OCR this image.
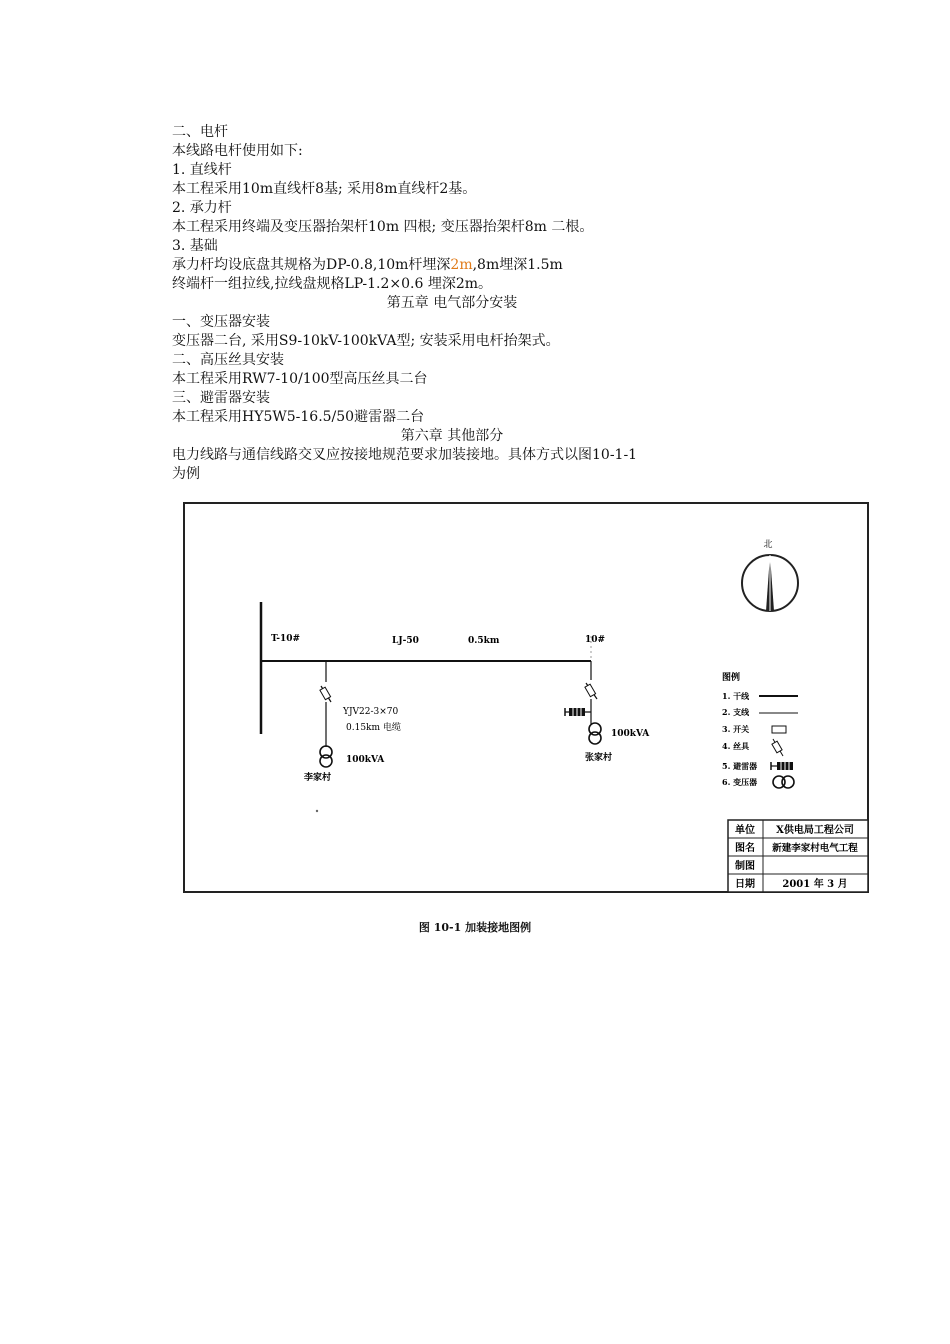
二、电杆
本线路电杆使用如下:
1. 直线杆
本工程采用10m直线杆8基; 采用8m直线杆2基。
2. 承力杆
本工程采用终端及变压器抬架杆10m 四根; 变压器抬架杆8m 二根。
3. 基础
承力杆均设底盘其规格为DP-0.8,10m杆埋深2m,8m埋深1.5m
终端杆一组拉线,拉线盘规格LP-1.2×0.6 埋深2m。
第五章 电气部分安装
一、变压器安装
变压器二台, 采用S9-10kV-100kVA型; 安装采用电杆抬架式。
二、高压丝具安装
本工程采用RW7-10/100型高压丝具二台
三、避雷器安装
本工程采用HY5W5-16.5/50避雷器二台
第六章 其他部分
电力线路与通信线路交叉应按接地规范要求加装接地。具体方式以图10-1-1
为例
北
T-10#	LJ-50	0.5km	10#
YJV22-3×70
0.15km 电缆
100kVA
李家村
100kVA
张家村
图例
1. 干线
2. 支线
3. 开关
4. 丝具
5. 避雷器
6. 变压器
单位 X供电局工程公司
图名 新建李家村电气工程
制图
日期	2001 年 3 月
图 10-1 加装接地图例
